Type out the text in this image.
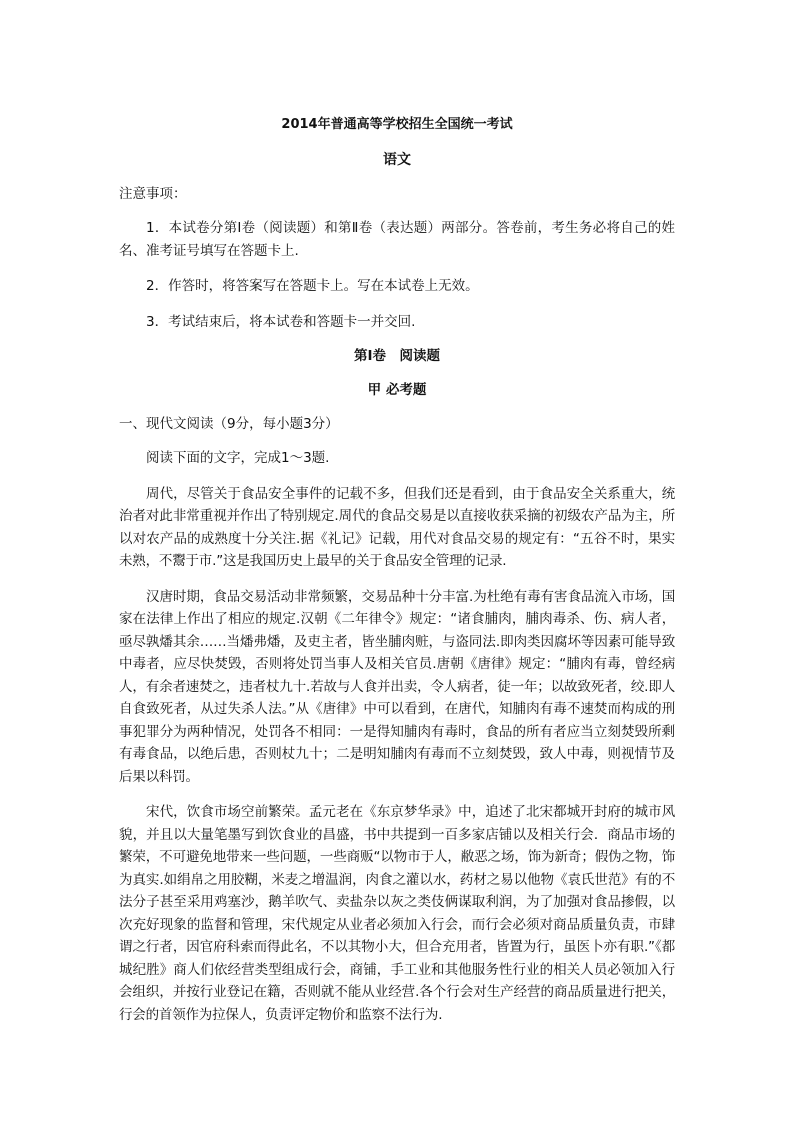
2014年普通高等学校招生全国统一考试
语文
注意事项：
1．本试卷分第Ⅰ卷（阅读题）和第Ⅱ卷（表达题）两部分。答卷前，考生务必将自己的姓名、准考证号填写在答题卡上.
2．作答时，将答案写在答题卡上。写在本试卷上无效。
3．考试结束后，将本试卷和答题卡一并交回.
第Ⅰ卷　阅读题
甲 必考题
一、现代文阅读（9分，每小题3分）
阅读下面的文字，完成1～3题.
周代，尽管关于食品安全事件的记载不多，但我们还是看到，由于食品安全关系重大，统治者对此非常重视并作出了特别规定.周代的食品交易是以直接收获采摘的初级农产品为主，所以对农产品的成熟度十分关注.据《礼记》记载，用代对食品交易的规定有：“五谷不时，果实未熟，不鬻于市.”这是我国历史上最早的关于食品安全管理的记录.
汉唐时期，食品交易活动非常频繁，交易品种十分丰富.为杜绝有毒有害食品流入市场，国家在法律上作出了相应的规定.汉朝《二年律令》规定：“诸食脯肉，脯肉毒杀、伤、病人者，亟尽孰燔其余……当燔弗燔，及吏主者，皆坐脯肉赃，与盗同法.即肉类因腐坏等因素可能导致中毒者，应尽快焚毁，否则将处罚当事人及相关官员.唐朝《唐律》规定：“脯肉有毒，曾经病人，有余者速焚之，违者杖九十.若故与人食并出卖，令人病者，徒一年；以故致死者，绞.即人自食致死者，从过失杀人法。”从《唐律》中可以看到，在唐代，知脯肉有毒不速焚而构成的刑事犯罪分为两种情况，处罚各不相同：一是得知脯肉有毒时，食品的所有者应当立刻焚毁所剩有毒食品，以绝后患，否则杖九十；二是明知脯肉有毒而不立刻焚毁，致人中毒，则视情节及后果以科罚。
宋代，饮食市场空前繁荣。孟元老在《东京梦华录》中，追述了北宋都城开封府的城市风貌，并且以大量笔墨写到饮食业的昌盛，书中共提到一百多家店铺以及相关行会．商品市场的繁荣，不可避免地带来一些问题，一些商贩“以物市于人，敝恶之场，饰为新奇；假伪之物，饰为真实.如绢帛之用胶糊，米麦之增温润，肉食之灌以水，药材之易以他物《袁氏世范》有的不法分子甚至采用鸡塞沙，鹅羊吹气、卖盐杂以灰之类伎俩谋取利润，为了加强对食品掺假，以次充好现象的监督和管理，宋代规定从业者必须加入行会，而行会必须对商品质量负责，市肆谓之行者，因官府科索而得此名，不以其物小大，但合充用者，皆置为行，虽医卜亦有职.”《都城纪胜》商人们依经营类型组成行会，商铺，手工业和其他服务性行业的相关人员必领加入行会组织，并按行业登记在籍，否则就不能从业经营.各个行会对生产经营的商品质量进行把关，行会的首领作为拉保人，负责评定物价和监察不法行为.
